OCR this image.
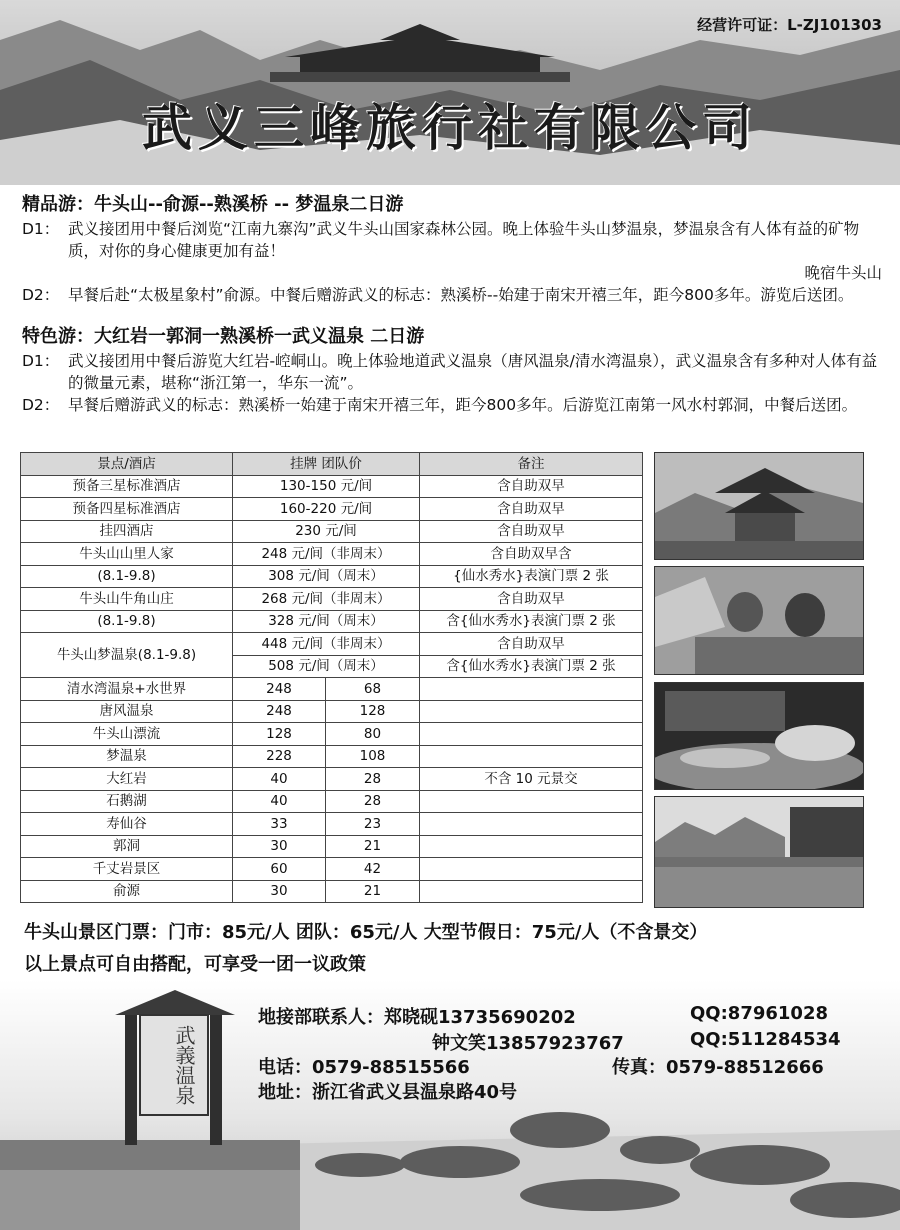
经营许可证：L-ZJ101303
武义三峰旅行社有限公司
精品游：牛头山--俞源--熟溪桥 -- 梦温泉二日游
D1： 武义接团用中餐后浏览“江南九寨沟”武义牛头山国家森林公园。晚上体验牛头山梦温泉，梦温泉含有人体有益的矿物质，对你的身心健康更加有益！
晚宿牛头山
D2： 早餐后赴“太极星象村”俞源。中餐后赠游武义的标志：熟溪桥--始建于南宋开禧三年，距今800多年。游览后送团。
特色游：大红岩一郭洞一熟溪桥一武义温泉 二日游
D1： 武义接团用中餐后游览大红岩-崆峒山。晚上体验地道武义温泉（唐风温泉/清水湾温泉），武义温泉含有多种对人体有益的微量元素，堪称“浙江第一，华东一流”。
D2： 早餐后赠游武义的标志：熟溪桥一始建于南宋开禧三年，距今800多年。后游览江南第一风水村郭洞，中餐后送团。
景点/酒店	挂牌 团队价		备注
预备三星标准酒店	130-150 元/间		含自助双早
预备四星标准酒店	160-220 元/间		含自助双早
挂四酒店	230 元/间		含自助双早
牛头山山里人家	248 元/间（非周末）		含自助双早含
(8.1-9.8)	308 元/间（周末）		{仙水秀水}表演门票 2 张
牛头山牛角山庄	268 元/间（非周末）		含自助双早
(8.1-9.8)	328 元/间（周末）		含{仙水秀水}表演门票 2 张
牛头山梦温泉(8.1-9.8)	448 元/间（非周末）		含自助双早
	508 元/间（周末）		含{仙水秀水}表演门票 2 张
清水湾温泉+水世界	248	68	
唐风温泉	248	128	
牛头山漂流	128	80	
梦温泉	228	108	
大红岩	40	28	不含 10 元景交
石鹅湖	40	28	
寿仙谷	33	23	
郭洞	30	21	
千丈岩景区	60	42	
俞源	30	21	
牛头山景区门票：门市：85元/人 团队：65元/人 大型节假日：75元/人（不含景交）
以上景点可自由搭配，可享受一团一议政策
武義温泉
地接部联系人：郑晓砚13735690202	QQ:87961028
钟文笑13857923767	QQ:511284534
电话：0579-88515566	传真：0579-88512666
地址：浙江省武义县温泉路40号
